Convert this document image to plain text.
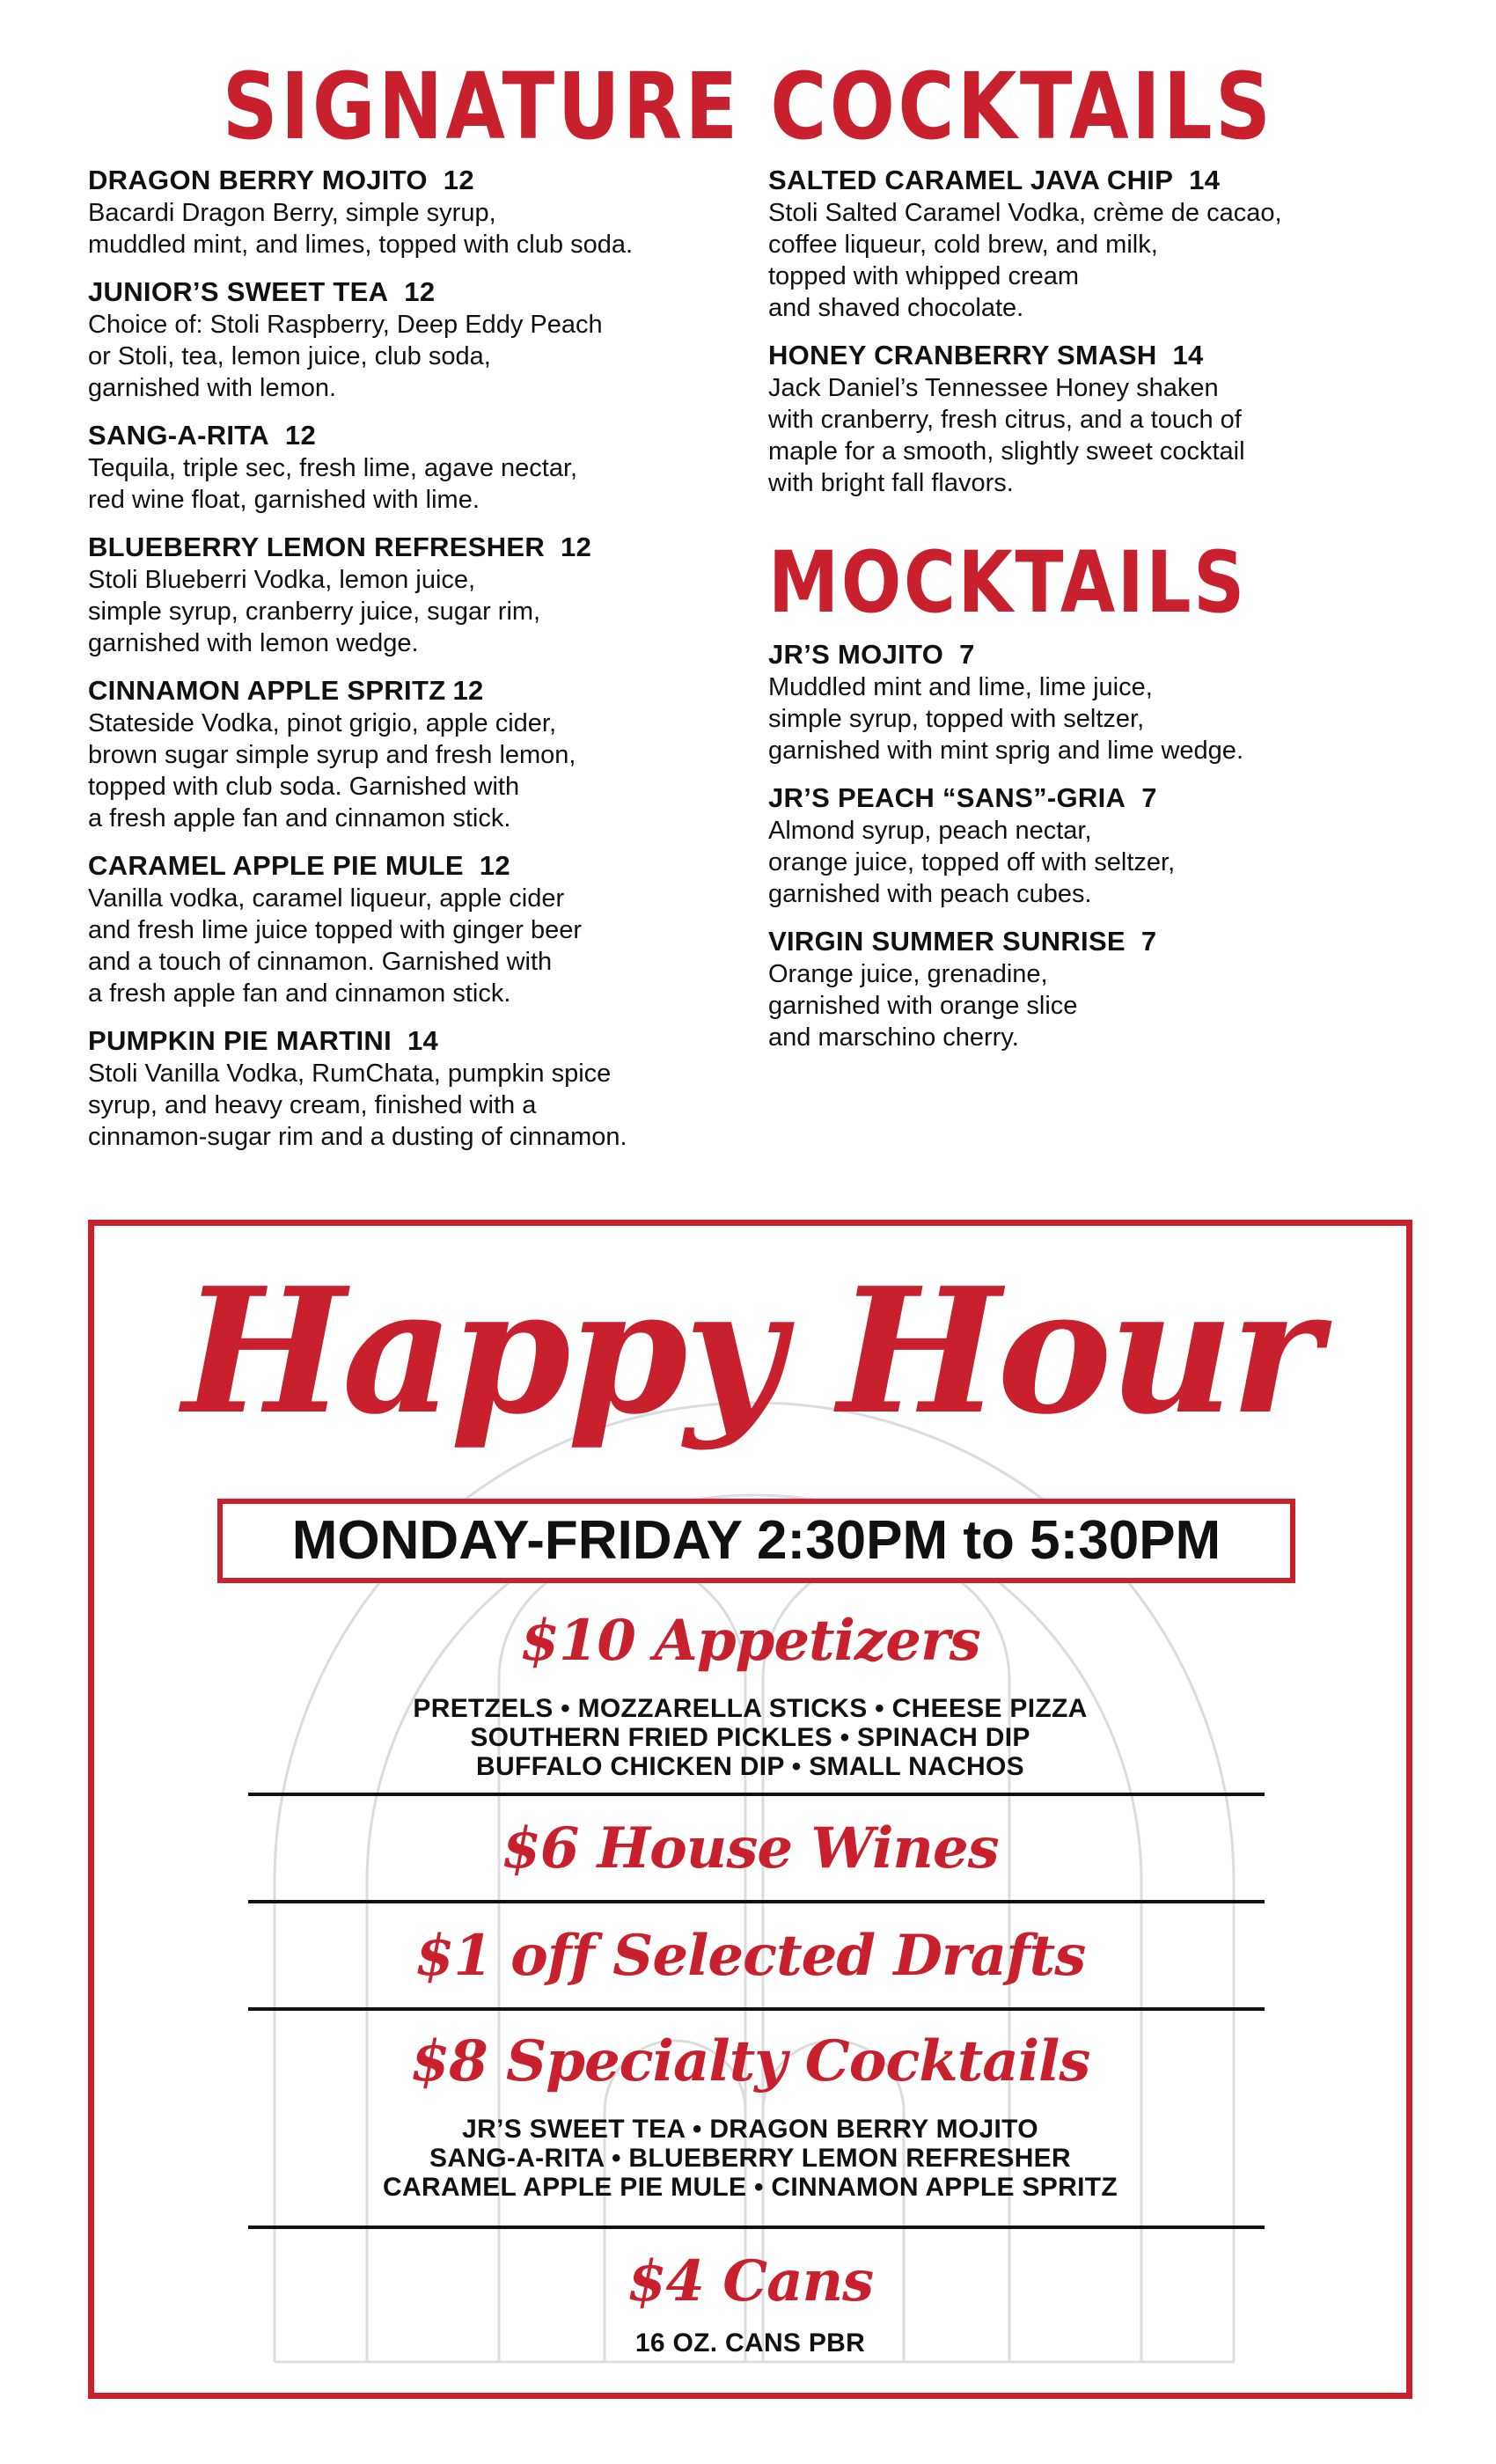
SIGNATURE COCKTAILS
DRAGON BERRY MOJITO 12
Bacardi Dragon Berry, simple syrup,
muddled mint, and limes, topped with club soda.
JUNIOR’S SWEET TEA 12
Choice of: Stoli Raspberry, Deep Eddy Peach
or Stoli, tea, lemon juice, club soda,
garnished with lemon.
SANG-A-RITA 12
Tequila, triple sec, fresh lime, agave nectar,
red wine float, garnished with lime.
BLUEBERRY LEMON REFRESHER 12
Stoli Blueberri Vodka, lemon juice,
simple syrup, cranberry juice, sugar rim,
garnished with lemon wedge.
CINNAMON APPLE SPRITZ 12
Stateside Vodka, pinot grigio, apple cider,
brown sugar simple syrup and fresh lemon,
topped with club soda. Garnished with
a fresh apple fan and cinnamon stick.
CARAMEL APPLE PIE MULE 12
Vanilla vodka, caramel liqueur, apple cider
and fresh lime juice topped with ginger beer
and a touch of cinnamon. Garnished with
a fresh apple fan and cinnamon stick.
PUMPKIN PIE MARTINI 14
Stoli Vanilla Vodka, RumChata, pumpkin spice
syrup, and heavy cream, finished with a
cinnamon-sugar rim and a dusting of cinnamon.
SALTED CARAMEL JAVA CHIP 14
Stoli Salted Caramel Vodka, crème de cacao,
coffee liqueur, cold brew, and milk,
topped with whipped cream
and shaved chocolate.
HONEY CRANBERRY SMASH 14
Jack Daniel’s Tennessee Honey shaken
with cranberry, fresh citrus, and a touch of
maple for a smooth, slightly sweet cocktail
with bright fall flavors.
MOCKTAILS
JR’S MOJITO 7
Muddled mint and lime, lime juice,
simple syrup, topped with seltzer,
garnished with mint sprig and lime wedge.
JR’S PEACH “SANS”-GRIA 7
Almond syrup, peach nectar,
orange juice, topped off with seltzer,
garnished with peach cubes.
VIRGIN SUMMER SUNRISE 7
Orange juice, grenadine,
garnished with orange slice
and marschino cherry.
Happy Hour
MONDAY-FRIDAY 2:30PM to 5:30PM
$10 Appetizers
PRETZELS • MOZZARELLA STICKS • CHEESE PIZZA
SOUTHERN FRIED PICKLES • SPINACH DIP
BUFFALO CHICKEN DIP • SMALL NACHOS
$6 House Wines
$1 off Selected Drafts
$8 Specialty Cocktails
JR’S SWEET TEA • DRAGON BERRY MOJITO
SANG-A-RITA • BLUEBERRY LEMON REFRESHER
CARAMEL APPLE PIE MULE • CINNAMON APPLE SPRITZ
$4 Cans
16 OZ. CANS PBR
